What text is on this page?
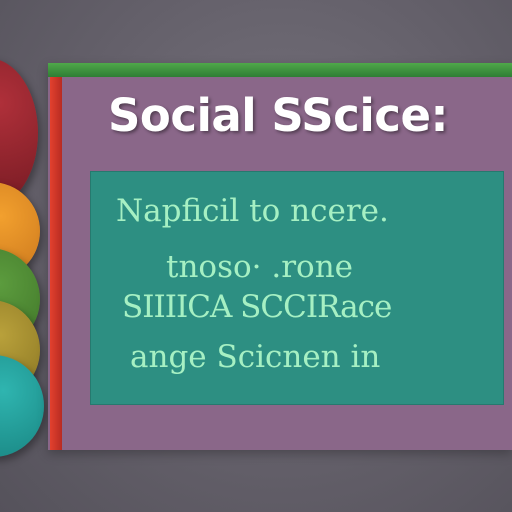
Social SScice:
Napficil to ncere.
tnoso· .rone
SIIIICA SCCIRace
ange Scicnen in
